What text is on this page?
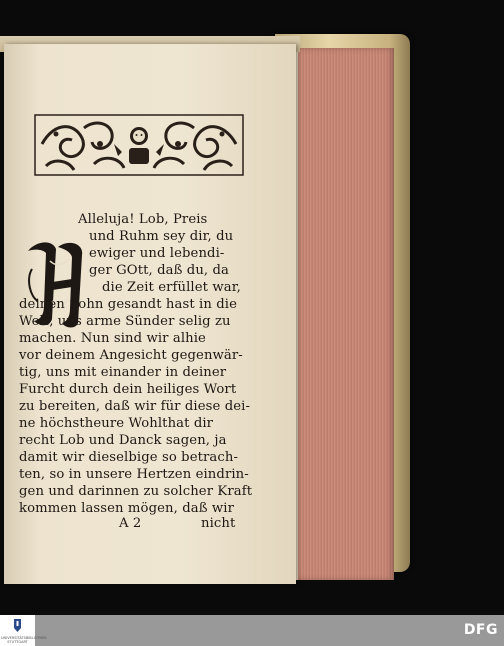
Alleluja! Lob, Preis
und Ruhm sey dir, du
ewiger und lebendi-
ger GOtt, daß du, da
die Zeit erfüllet war,
deinen Sohn gesandt hast in die
Welt, uns arme Sünder selig zu
machen. Nun sind wir alhie
vor deinem Angesicht gegenwär-
tig, uns mit einander in deiner
Furcht durch dein heiliges Wort
zu bereiten, daß wir für diese dei-
ne höchstheure Wohlthat dir
recht Lob und Danck sagen, ja
damit wir dieselbige so betrach-
ten, so in unsere Hertzen eindrin-
gen und darinnen zu solcher Kraft
kommen lassen mögen, daß wir
A 2	nicht
UNIVERSITÄTSBIBLIOTHEK STUTTGART
DFG
